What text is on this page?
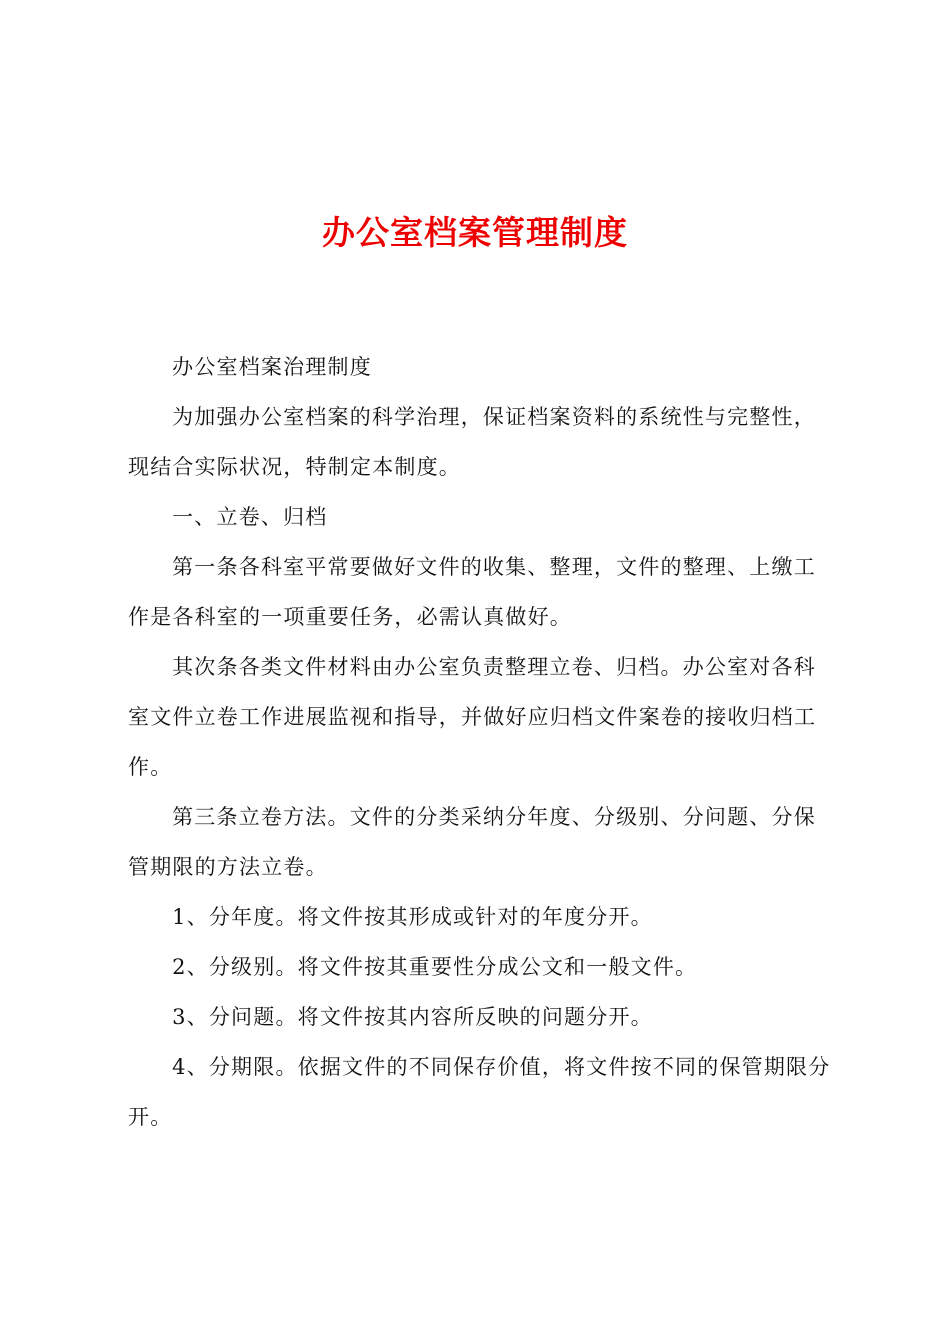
办公室档案管理制度

办公室档案治理制度

为加强办公室档案的科学治理，保证档案资料的系统性与完整性，现结合实际状况，特制定本制度。

一、立卷、归档

第一条各科室平常要做好文件的收集、整理，文件的整理、上缴工作是各科室的一项重要任务，必需认真做好。

其次条各类文件材料由办公室负责整理立卷、归档。办公室对各科室文件立卷工作进展监视和指导，并做好应归档文件案卷的接收归档工作。

第三条立卷方法。文件的分类采纳分年度、分级别、分问题、分保管期限的方法立卷。

1、分年度。将文件按其形成或针对的年度分开。

2、分级别。将文件按其重要性分成公文和一般文件。

3、分问题。将文件按其内容所反映的问题分开。

4、分期限。依据文件的不同保存价值，将文件按不同的保管期限分开。
